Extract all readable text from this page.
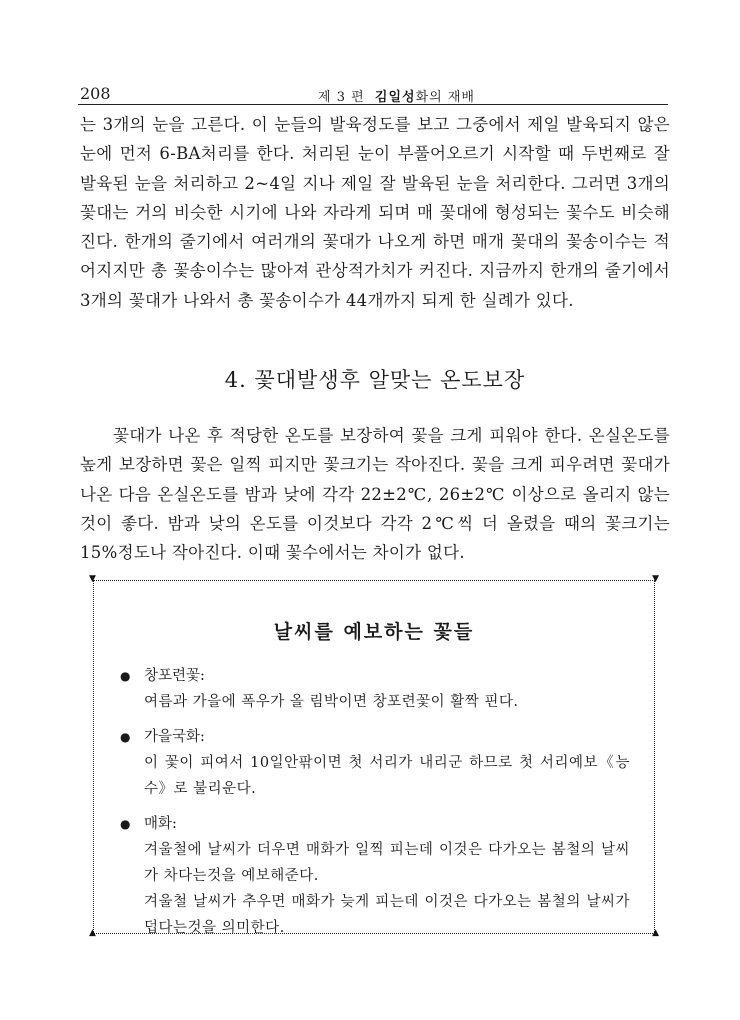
208	제 3 편 김일성화의 재배

는 3개의 눈을 고른다. 이 눈들의 발육정도를 보고 그중에서 제일 발육되지 않은 눈에 먼저 6-BA처리를 한다. 처리된 눈이 부풀어오르기 시작할 때 두번째로 잘 발육된 눈을 처리하고 2~4일 지나 제일 잘 발육된 눈을 처리한다. 그러면 3개의 꽃대는 거의 비슷한 시기에 나와 자라게 되며 매 꽃대에 형성되는 꽃수도 비슷해진다. 한개의 줄기에서 여러개의 꽃대가 나오게 하면 매개 꽃대의 꽃송이수는 적어지지만 총 꽃송이수는 많아져 관상적가치가 커진다. 지금까지 한개의 줄기에서 3개의 꽃대가 나와서 총 꽃송이수가 44개까지 되게 한 실례가 있다.

4. 꽃대발생후 알맞는 온도보장

꽃대가 나온 후 적당한 온도를 보장하여 꽃을 크게 피워야 한다. 온실온도를 높게 보장하면 꽃은 일찍 피지만 꽃크기는 작아진다. 꽃을 크게 피우려면 꽃대가 나온 다음 온실온도를 밤과 낮에 각각 22±2℃, 26±2℃ 이상으로 올리지 않는것이 좋다. 밤과 낮의 온도를 이것보다 각각 2℃씩 더 올렸을 때의 꽃크기는 15%정도나 작아진다. 이때 꽃수에서는 차이가 없다.

▼	▼
▲	▲
날씨를 예보하는 꽃들
● 창포련꽃:
여름과 가을에 폭우가 올 림박이면 창포련꽃이 활짝 핀다.
● 가을국화:
이 꽃이 피여서 10일안팎이면 첫 서리가 내리군 하므로 첫 서리예보《능수》로 불리운다.
● 매화:
겨울철에 날씨가 더우면 매화가 일찍 피는데 이것은 다가오는 봄철의 날씨가 차다는것을 예보해준다.
겨울철 날씨가 추우면 매화가 늦게 피는데 이것은 다가오는 봄철의 날씨가 덥다는것을 의미한다.
